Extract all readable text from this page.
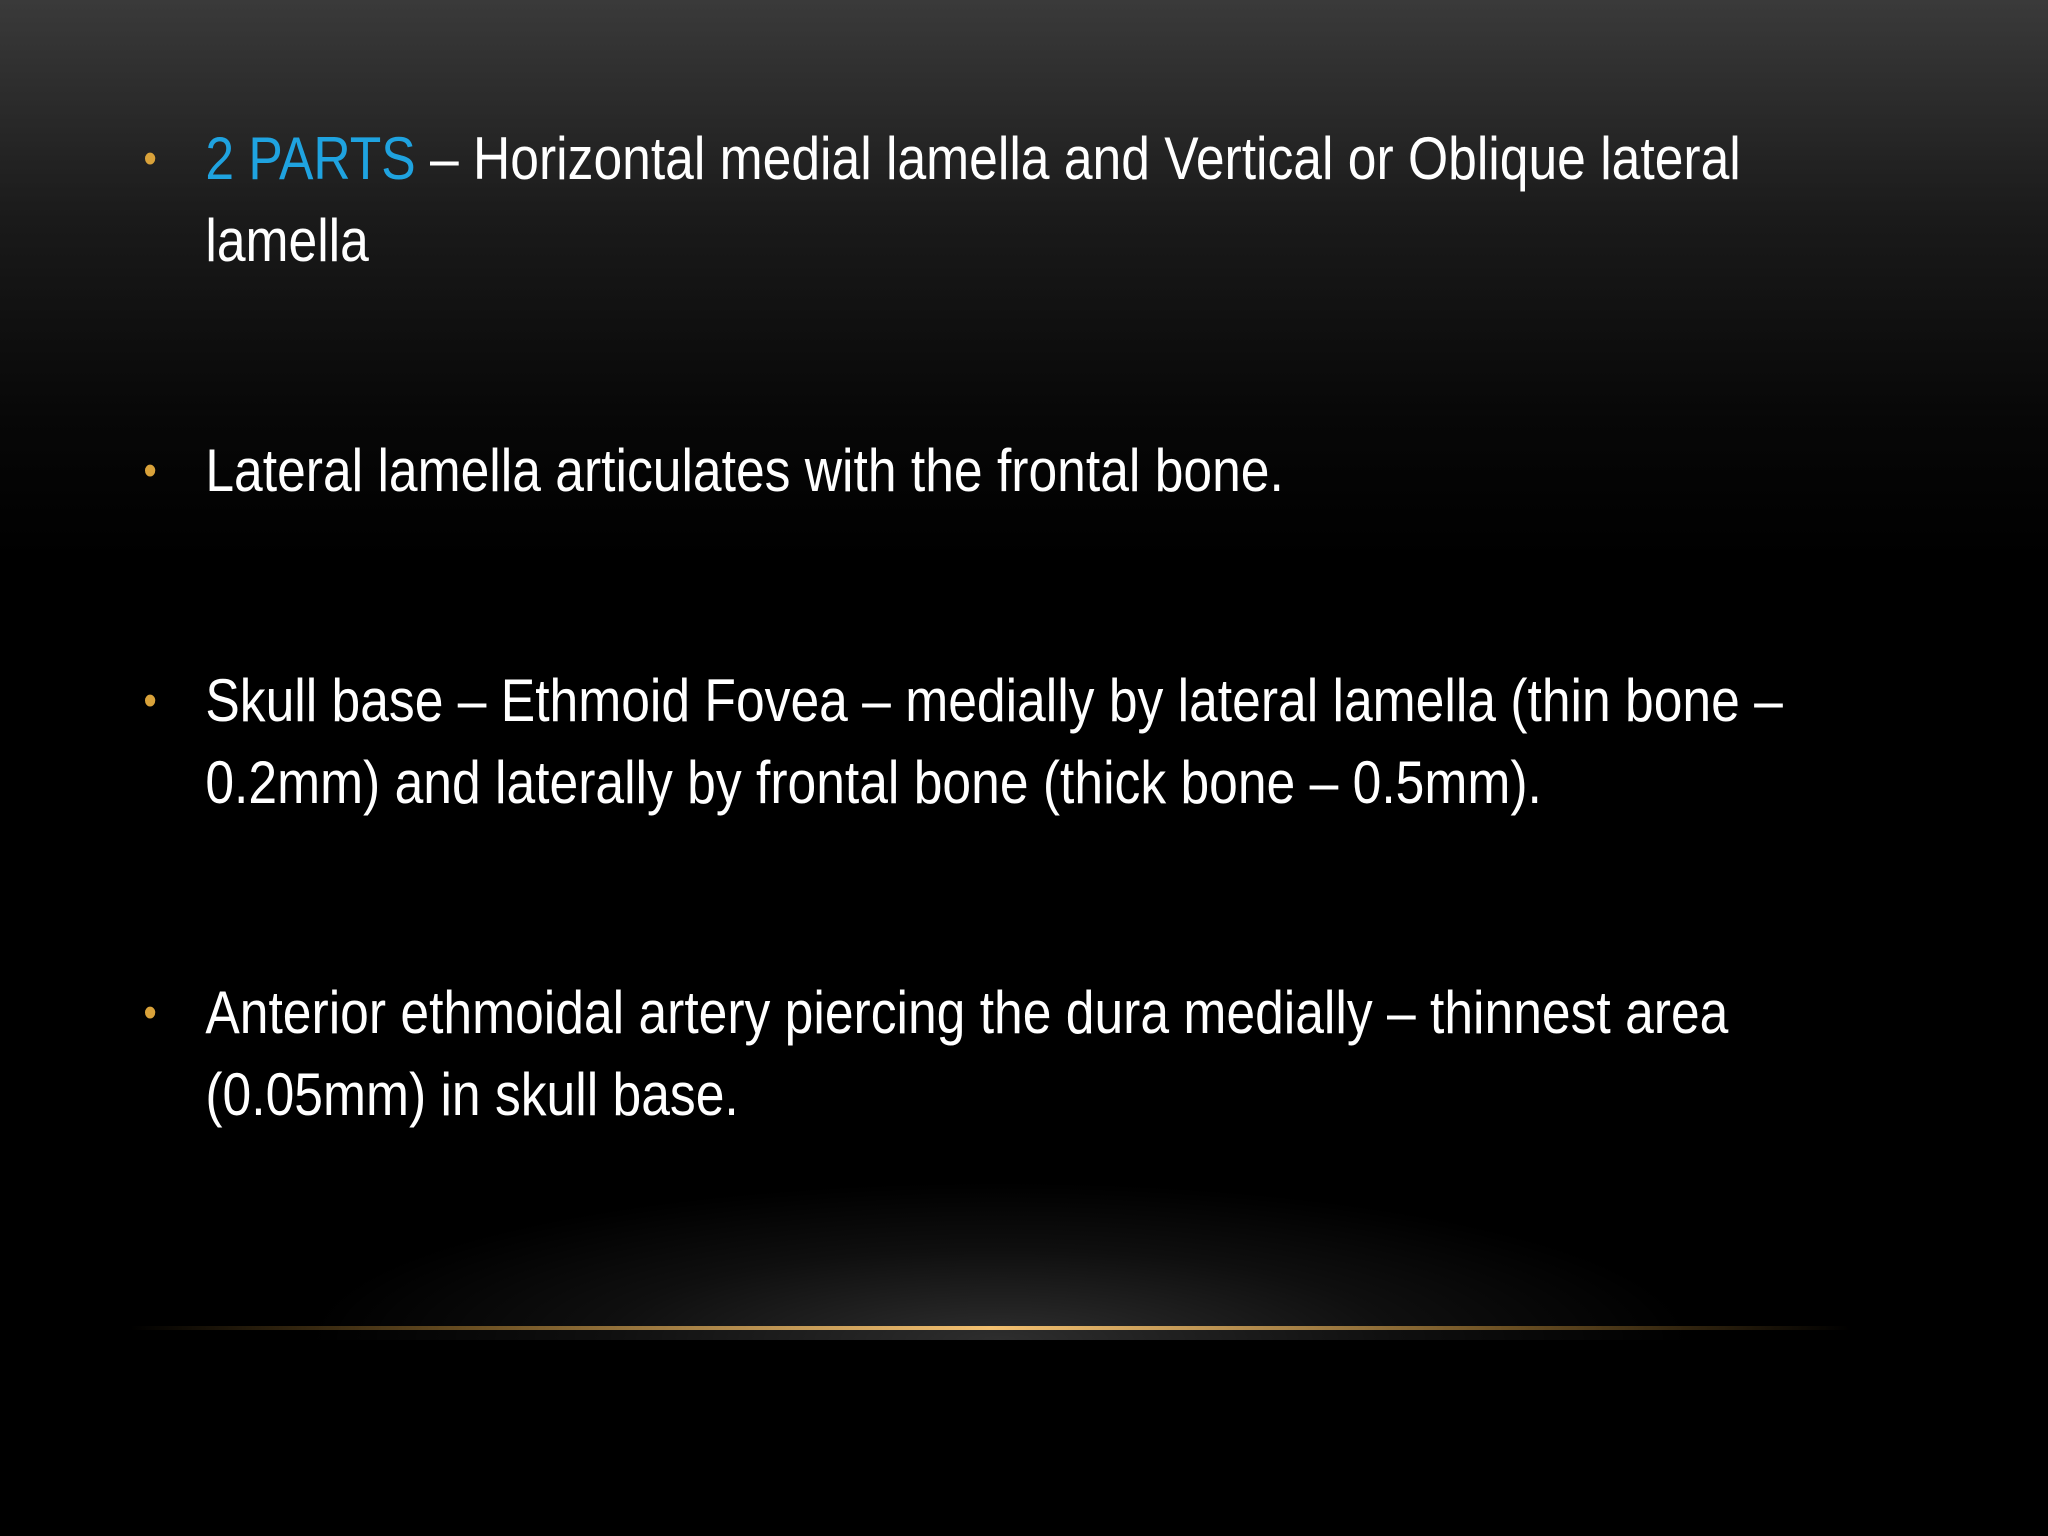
• 2 PARTS – Horizontal medial lamella and Vertical or Oblique lateral lamella
• Lateral lamella articulates with the frontal bone.
• Skull base – Ethmoid Fovea – medially by lateral lamella (thin bone – 0.2mm) and laterally by frontal bone (thick bone – 0.5mm).
• Anterior ethmoidal artery piercing the dura medially – thinnest area (0.05mm) in skull base.
